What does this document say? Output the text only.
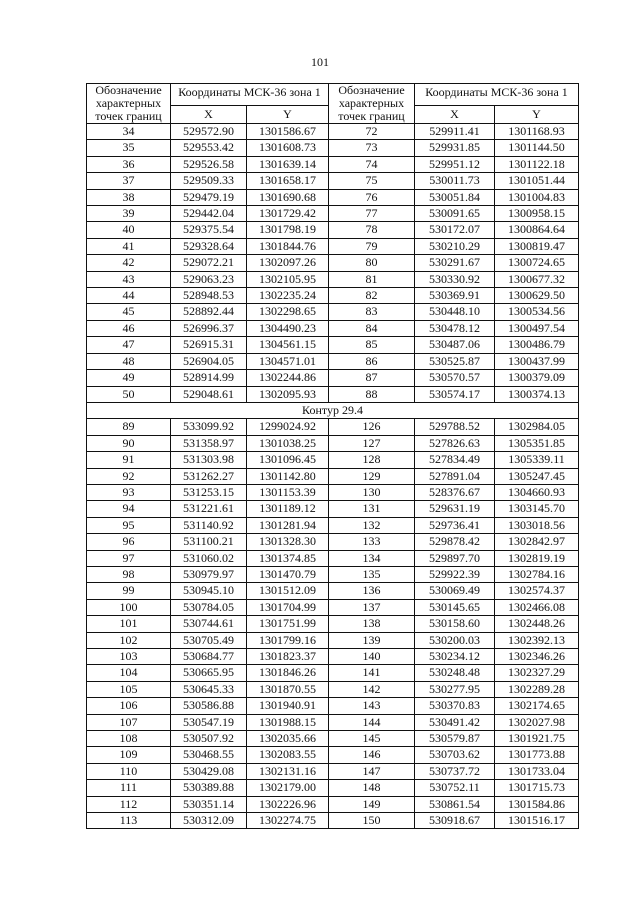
101
Обозначение характерных точек границ	Координаты МСК-36 зона 1		Обозначение характерных точек границ	Координаты МСК-36 зона 1	
	X	Y		X	Y
34	529572.90	1301586.67	72	529911.41	1301168.93
35	529553.42	1301608.73	73	529931.85	1301144.50
36	529526.58	1301639.14	74	529951.12	1301122.18
37	529509.33	1301658.17	75	530011.73	1301051.44
38	529479.19	1301690.68	76	530051.84	1301004.83
39	529442.04	1301729.42	77	530091.65	1300958.15
40	529375.54	1301798.19	78	530172.07	1300864.64
41	529328.64	1301844.76	79	530210.29	1300819.47
42	529072.21	1302097.26	80	530291.67	1300724.65
43	529063.23	1302105.95	81	530330.92	1300677.32
44	528948.53	1302235.24	82	530369.91	1300629.50
45	528892.44	1302298.65	83	530448.10	1300534.56
46	526996.37	1304490.23	84	530478.12	1300497.54
47	526915.31	1304561.15	85	530487.06	1300486.79
48	526904.05	1304571.01	86	530525.87	1300437.99
49	528914.99	1302244.86	87	530570.57	1300379.09
50	529048.61	1302095.93	88	530574.17	1300374.13
Контур 29.4					
89	533099.92	1299024.92	126	529788.52	1302984.05
90	531358.97	1301038.25	127	527826.63	1305351.85
91	531303.98	1301096.45	128	527834.49	1305339.11
92	531262.27	1301142.80	129	527891.04	1305247.45
93	531253.15	1301153.39	130	528376.67	1304660.93
94	531221.61	1301189.12	131	529631.19	1303145.70
95	531140.92	1301281.94	132	529736.41	1303018.56
96	531100.21	1301328.30	133	529878.42	1302842.97
97	531060.02	1301374.85	134	529897.70	1302819.19
98	530979.97	1301470.79	135	529922.39	1302784.16
99	530945.10	1301512.09	136	530069.49	1302574.37
100	530784.05	1301704.99	137	530145.65	1302466.08
101	530744.61	1301751.99	138	530158.60	1302448.26
102	530705.49	1301799.16	139	530200.03	1302392.13
103	530684.77	1301823.37	140	530234.12	1302346.26
104	530665.95	1301846.26	141	530248.48	1302327.29
105	530645.33	1301870.55	142	530277.95	1302289.28
106	530586.88	1301940.91	143	530370.83	1302174.65
107	530547.19	1301988.15	144	530491.42	1302027.98
108	530507.92	1302035.66	145	530579.87	1301921.75
109	530468.55	1302083.55	146	530703.62	1301773.88
110	530429.08	1302131.16	147	530737.72	1301733.04
111	530389.88	1302179.00	148	530752.11	1301715.73
112	530351.14	1302226.96	149	530861.54	1301584.86
113	530312.09	1302274.75	150	530918.67	1301516.17
